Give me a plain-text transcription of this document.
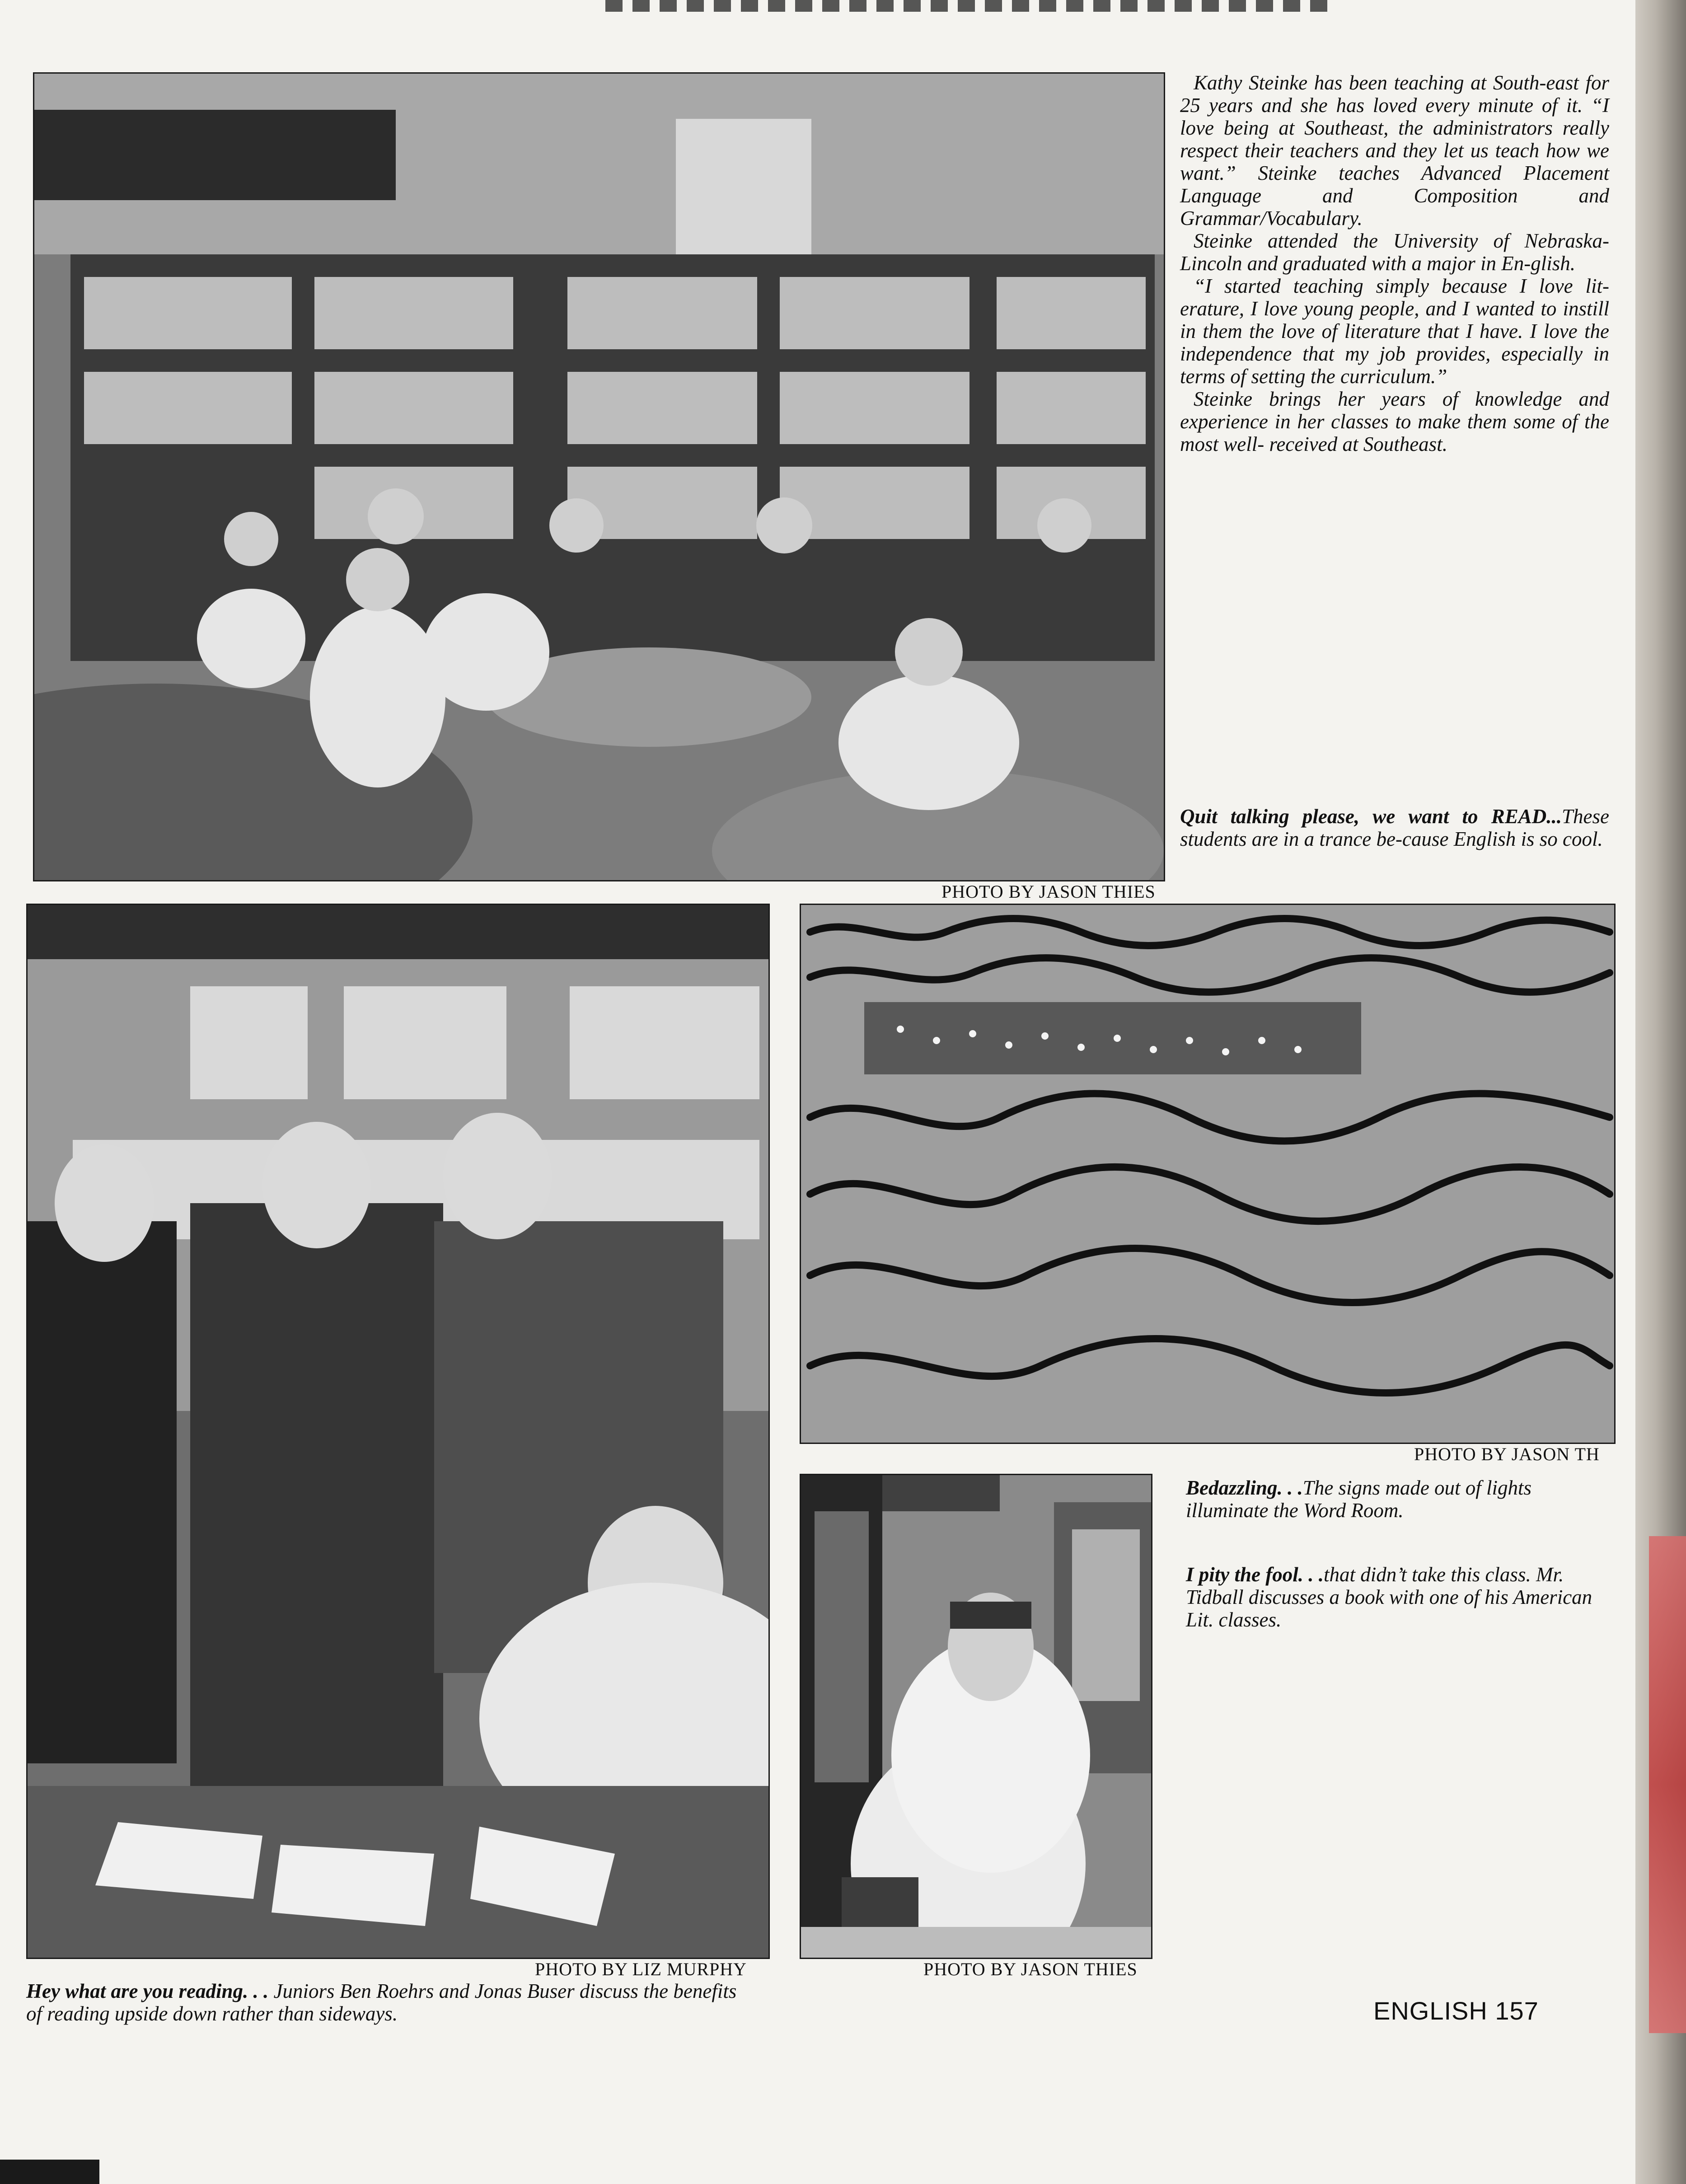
PHOTO BY JASON THIES

Kathy Steinke has been teaching at South-east for 25 years and she has loved every minute of it. “I love being at Southeast, the administrators really respect their teachers and they let us teach how we want.” Steinke teaches Advanced Placement Language and Composition and Grammar/Vocabulary.

Steinke attended the University of Nebraska-Lincoln and graduated with a major in En-glish.

“I started teaching simply because I love lit-erature, I love young people, and I wanted to instill in them the love of literature that I have. I love the independence that my job provides, especially in terms of setting the curriculum.”

Steinke brings her years of knowledge and experience in her classes to make them some of the most well- received at Southeast.

Quit talking please, we want to READ...These students are in a trance be-cause English is so cool.
PHOTO BY LIZ MURPHY
Hey what are you reading. . . Juniors Ben Roehrs and Jonas Buser discuss the benefits of reading upside down rather than sideways.
PHOTO BY JASON TH
PHOTO BY JASON THIES
Bedazzling. . .The signs made out of lights illuminate the Word Room.
I pity the fool. . .that didn’t take this class. Mr. Tidball discusses a book with one of his American Lit. classes.
ENGLISH 157
